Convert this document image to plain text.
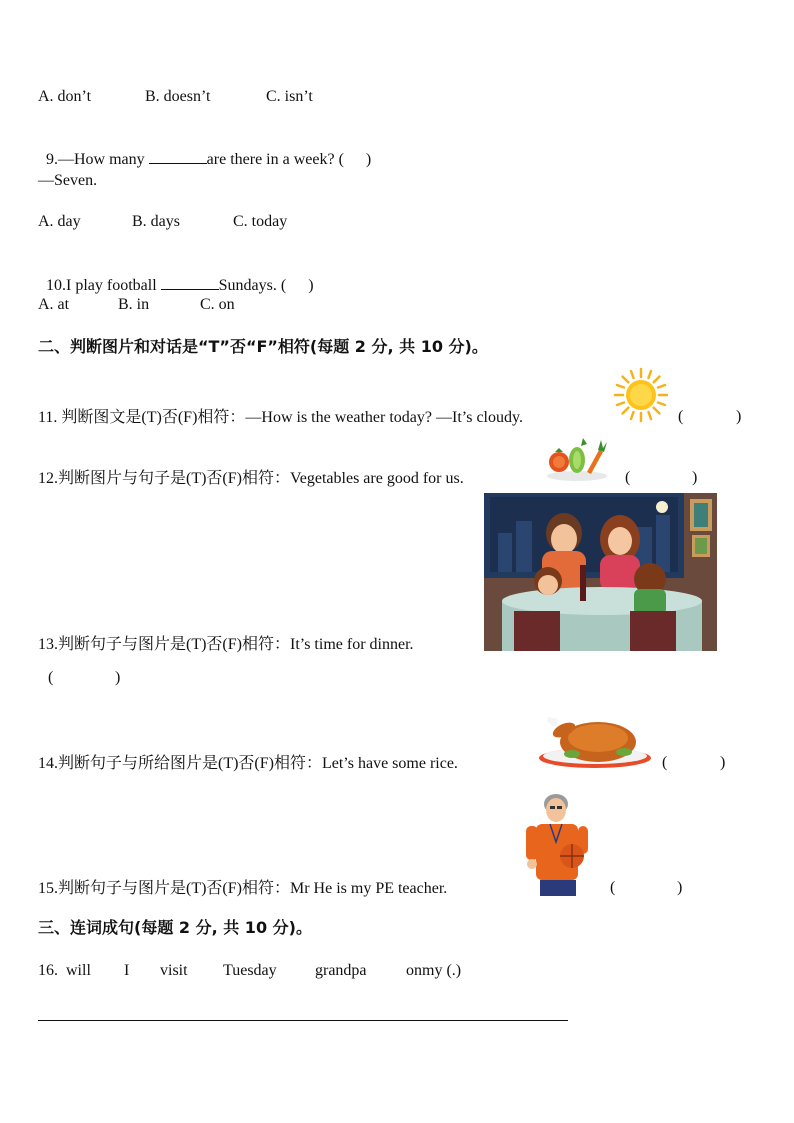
A. don’t	B. doesn’t	C. isn’t

9.—How many	are there in a week? ( )

—Seven.
A. day	B. days	C. today

10.I play football	Sundays. ( )

A. at	B. in	C. on
二、判断图片和对话是“T”否“F”相符(每题 2 分, 共 10 分)。
11. 判断图文是(T)否(F)相符：—How is the weather today? —It’s cloudy.	(	)
12.判断图片与句子是(T)否(F)相符：Vegetables are good for us.	(	)
13.判断句子与图片是(T)否(F)相符：It’s time for dinner.
(	)
14.判断句子与所给图片是(T)否(F)相符：Let’s have some rice.	(	)
15.判断句子与图片是(T)否(F)相符：Mr He is my PE teacher.	(	)
三、连词成句(每题 2 分, 共 10 分)。
16. will I visit Tuesday grandpa onmy (.)
